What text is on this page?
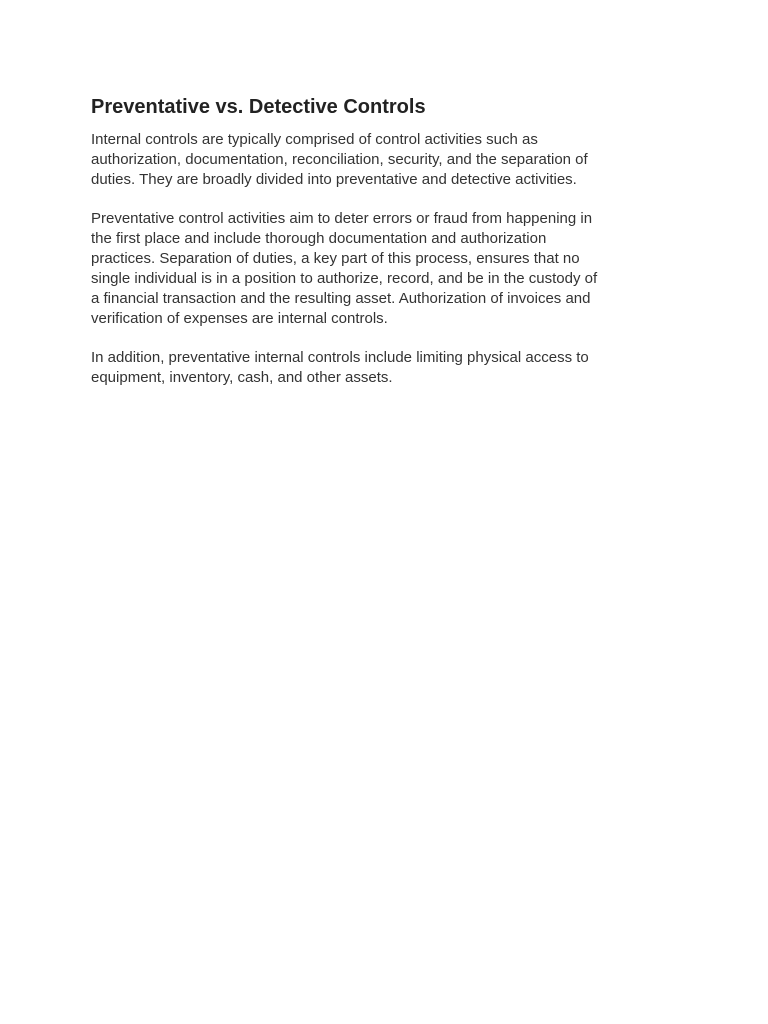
Preventative vs. Detective Controls

Internal controls are typically comprised of control activities such as
authorization, documentation, reconciliation, security, and the separation of
duties. They are broadly divided into preventative and detective activities.

Preventative control activities aim to deter errors or fraud from happening in
the first place and include thorough documentation and authorization
practices. Separation of duties, a key part of this process, ensures that no
single individual is in a position to authorize, record, and be in the custody of
a financial transaction and the resulting asset. Authorization of invoices and
verification of expenses are internal controls.

In addition, preventative internal controls include limiting physical access to
equipment, inventory, cash, and other assets.
